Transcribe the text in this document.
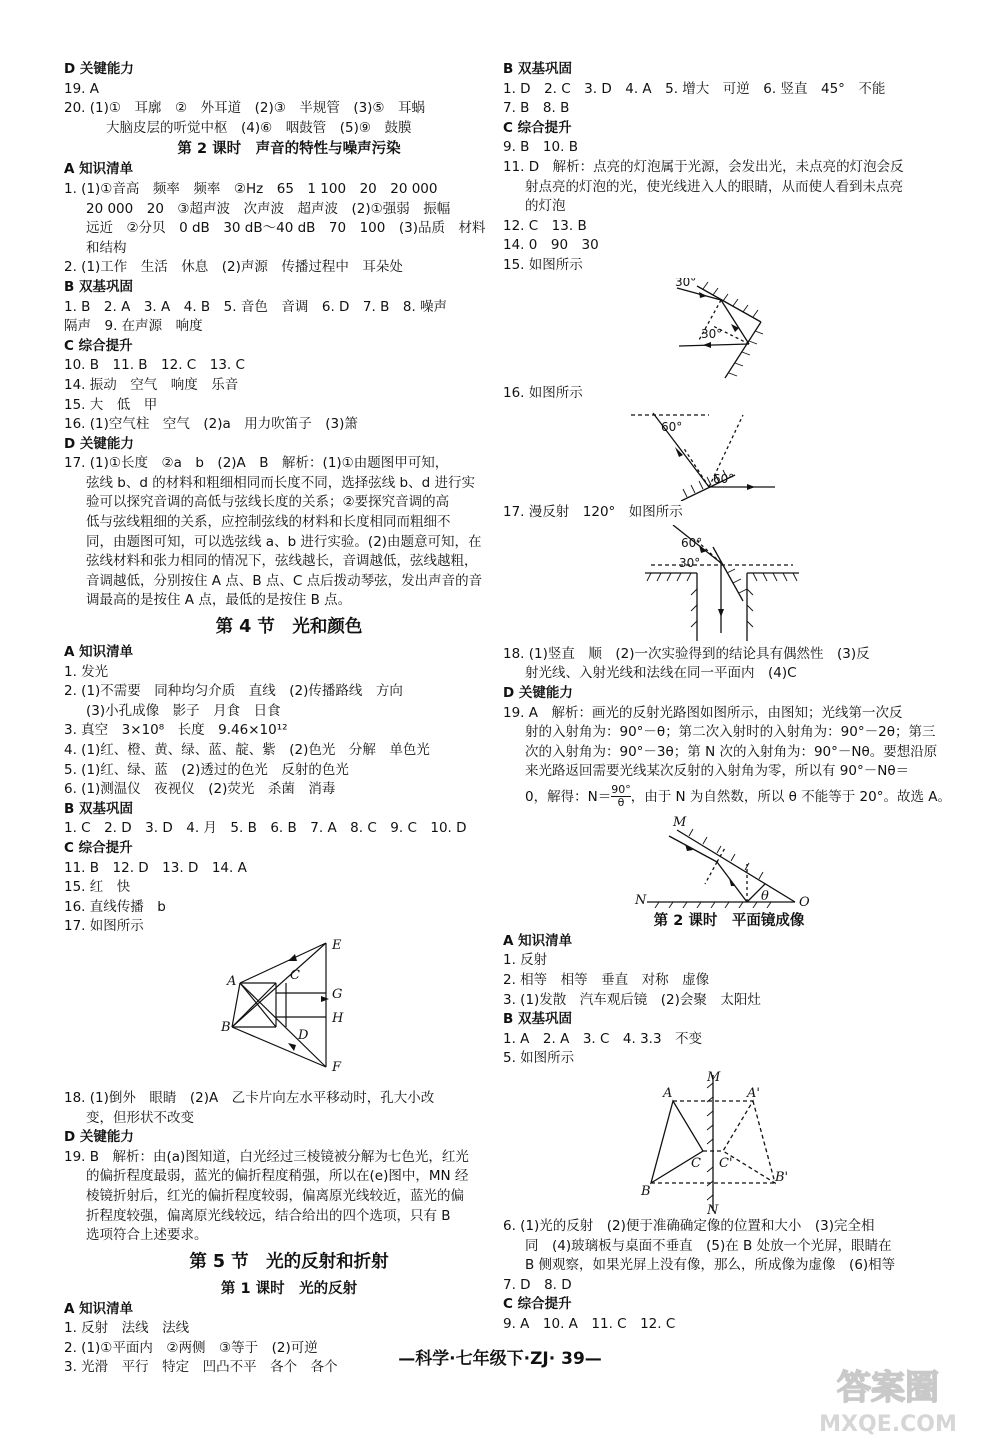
D 关键能力
19. A
20. (1)①　耳廓　②　外耳道　(2)③　半规管　(3)⑤　耳蜗
大脑皮层的听觉中枢　(4)⑥　咽鼓管　(5)⑨　鼓膜
第 2 课时　声音的特性与噪声污染
A 知识清单
1. (1)①音高　频率　频率　②Hz　65　1 100　20　20 000
20 000　20　③超声波　次声波　超声波　(2)①强弱　振幅
远近　②分贝　0 dB　30 dB～40 dB　70　100　(3)品质　材料
和结构
2. (1)工作　生活　休息　(2)声源　传播过程中　耳朵处
B 双基巩固
1. B　2. A　3. A　4. B　5. 音色　音调　6. D　7. B　8. 噪声
隔声　9. 在声源　响度
C 综合提升
10. B　11. B　12. C　13. C
14. 振动　空气　响度　乐音
15. 大　低　甲
16. (1)空气柱　空气　(2)a　用力吹笛子　(3)箫
D 关键能力
17. (1)①长度　②a　b　(2)A　B　解析：(1)①由题图甲可知，
弦线 b、d 的材料和粗细相同而长度不同，选择弦线 b、d 进行实
验可以探究音调的高低与弦线长度的关系；②要探究音调的高
低与弦线粗细的关系，应控制弦线的材料和长度相同而粗细不
同，由题图可知，可以选弦线 a、b 进行实验。(2)由题意可知，在
弦线材料和张力相同的情况下，弦线越长，音调越低，弦线越粗，
音调越低，分别按住 A 点、B 点、C 点后拨动琴弦，发出声音的音
调最高的是按住 A 点，最低的是按住 B 点。
第 4 节　光和颜色
A 知识清单
1. 发光
2. (1)不需要　同种均匀介质　直线　(2)传播路线　方向
(3)小孔成像　影子　月食　日食
3. 真空　3×10⁸　长度　9.46×10¹²
4. (1)红、橙、黄、绿、蓝、靛、紫　(2)色光　分解　单色光
5. (1)红、绿、蓝　(2)透过的色光　反射的色光
6. (1)测温仪　夜视仪　(2)荧光　杀菌　消毒
B 双基巩固
1. C　2. D　3. D　4. 月　5. B　6. B　7. A　8. C　9. C　10. D
C 综合提升
11. B　12. D　13. D　14. A
15. 红　快
16. 直线传播　b
17. 如图所示
A
B
C
D
E
F
G
H
18. (1)倒外　眼睛　(2)A　乙卡片向左水平移动时，孔大小改
变，但形状不改变
D 关键能力
19. B　解析：由(a)图知道，白光经过三棱镜被分解为七色光，红光
的偏折程度最弱，蓝光的偏折程度稍强，所以在(e)图中，MN 经
棱镜折射后，红光的偏折程度较弱，偏离原光线较近，蓝光的偏
折程度较强，偏离原光线较远，结合给出的四个选项，只有 B
选项符合上述要求。
第 5 节　光的反射和折射
第 1 课时　光的反射
A 知识清单
1. 反射　法线　法线
2. (1)①平面内　②两侧　③等于　(2)可逆
3. 光滑　平行　特定　凹凸不平　各个　各个
B 双基巩固
1. D　2. C　3. D　4. A　5. 增大　可逆　6. 竖直　45°　不能
7. B　8. B
C 综合提升
9. B　10. B
11. D　解析：点亮的灯泡属于光源，会发出光，未点亮的灯泡会反
射点亮的灯泡的光，使光线进入人的眼睛，从而使人看到未点亮
的灯泡
12. C　13. B
14. 0　90　30
15. 如图所示
30°
30°
16. 如图所示
60°
60°
17. 漫反射　120°　如图所示
60°
30°
18. (1)竖直　顺　(2)一次实验得到的结论具有偶然性　(3)反
射光线、入射光线和法线在同一平面内　(4)C
D 关键能力
19. A　解析：画光的反射光路图如图所示，由图知；光线第一次反
射的入射角为：90°－θ；第二次入射时的入射角为：90°－2θ；第三
次的入射角为：90°－3θ；第 N 次的入射角为：90°－Nθ。要想沿原
来光路返回需要光线某次反射的入射角为零，所以有 90°－Nθ＝
0，解得：$N= \frac{90^\circ}{\theta}$ ，由于 N 为自然数，所以 θ 不能等于 20°。故选 A。
M
N	O
θ
第 2 课时　平面镜成像
A 知识清单
1. 反射
2. 相等　相等　垂直　对称　虚像
3. (1)发散　汽车观后镜　(2)会聚　太阳灶
B 双基巩固
1. A　2. A　3. C　4. 3.3　不变
5. 如图所示
M
N
A
B
C
A'
B'
C'
6. (1)光的反射　(2)便于准确确定像的位置和大小　(3)完全相
同　(4)玻璃板与桌面不垂直　(5)在 B 处放一个光屏，眼睛在
B 侧观察，如果光屏上没有像，那么，所成像为虚像　(6)相等
7. D　8. D
C 综合提升
9. A　10. A　11. C　12. C
—科学·七年级下·ZJ· 39—
答案圈
MXQE.COM
